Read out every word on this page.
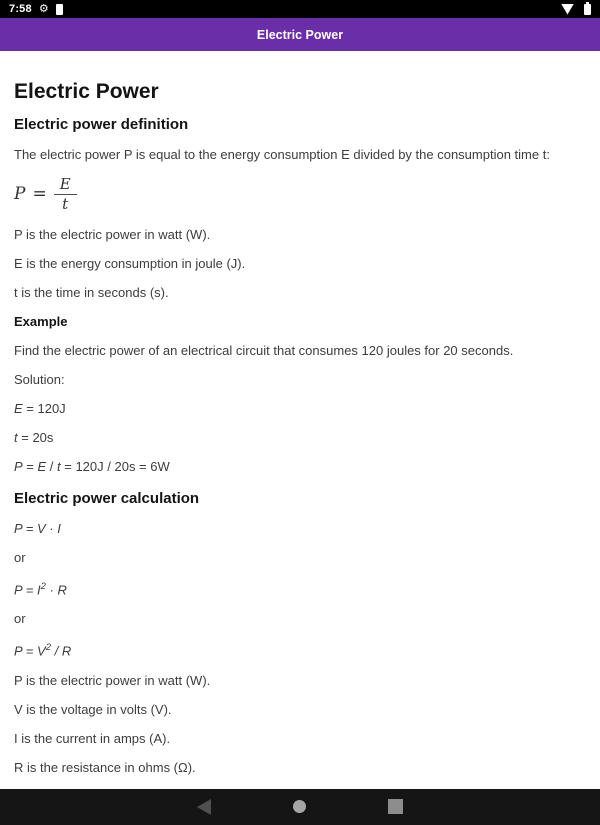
7:58 ⚙
Electric Power
Electric Power
Electric power definition

The electric power P is equal to the energy consumption E divided by the consumption time t:

$P = \frac{E}{t}$

P is the electric power in watt (W).

E is the energy consumption in joule (J).

t is the time in seconds (s).

Example

Find the electric power of an electrical circuit that consumes 120 joules for 20 seconds.

Solution:

E = 120J

t = 20s

P = E / t = 120J / 20s = 6W

Electric power calculation

P = V · I

or

$P = I^2 \cdot R$

or

$P = V^2 / R$

P is the electric power in watt (W).

V is the voltage in volts (V).

I is the current in amps (A).

R is the resistance in ohms (Ω).
